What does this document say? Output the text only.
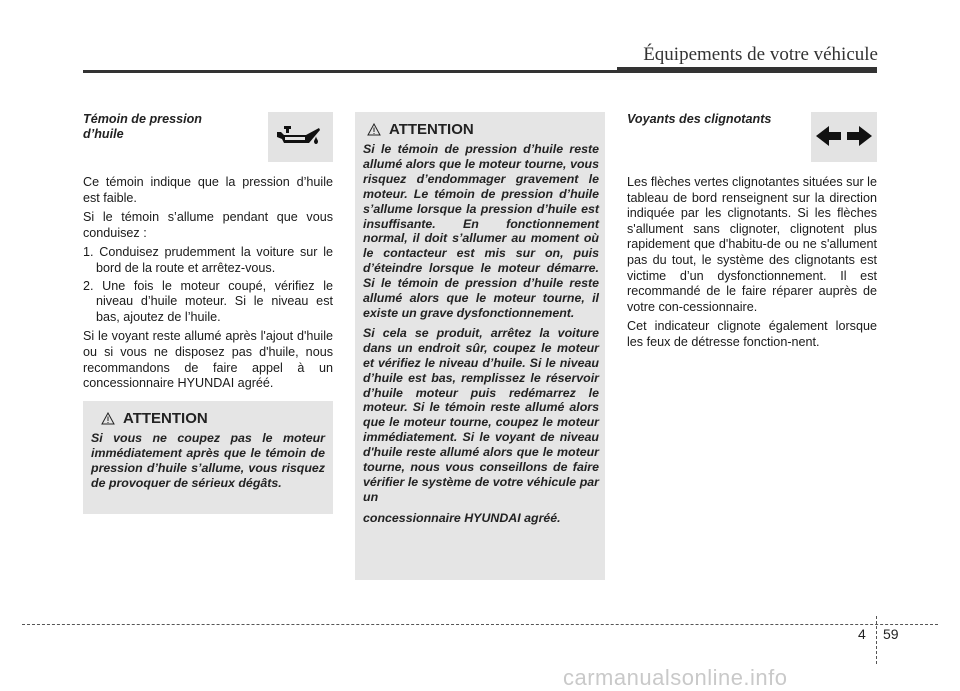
Équipements de votre véhicule
Témoin de pression d’huile

Ce témoin indique que la pression d’huile est faible.

Si le témoin s’allume pendant que vous conduisez :

1. Conduisez prudemment la voiture sur le bord de la route et arrêtez-vous.
2. Une fois le moteur coupé, vérifiez le niveau d’huile moteur. Si le niveau est bas, ajoutez de l’huile.

Si le voyant reste allumé après l'ajout d'huile ou si vous ne disposez pas d'huile, nous recommandons de faire appel à un concessionnaire HYUNDAI agréé.

ATTENTION
Si vous ne coupez pas le moteur immédiatement après que le témoin de pression d’huile s’allume, vous risquez de provoquer de sérieux dégâts.
ATTENTION

Si le témoin de pression d’huile reste allumé alors que le moteur tourne, vous risquez d’endommager gravement le moteur. Le témoin de pression d’huile s’allume lorsque la pression d’huile est insuffisante. En fonctionnement normal, il doit s’allumer au moment où le contacteur est mis sur on, puis d’éteindre lorsque le moteur démarre. Si le témoin de pression d’huile reste allumé alors que le moteur tourne, il existe un grave dysfonctionnement.

Si cela se produit, arrêtez la voiture dans un endroit sûr, coupez le moteur et vérifiez le niveau d’huile. Si le niveau d’huile est bas, remplissez le réservoir d’huile moteur puis redémarrez le moteur. Si le témoin reste allumé alors que le moteur tourne, coupez le moteur immédiatement. Si le voyant de niveau d'huile reste allumé alors que le moteur tourne, nous vous conseillons de faire vérifier le système de votre véhicule par un

concessionnaire HYUNDAI agréé.

Voyants des clignotants

Les flèches vertes clignotantes situées sur le tableau de bord renseignent sur la direction indiquée par les clignotants. Si les flèches s'allument sans clignoter, clignotent plus rapidement que d'habitu-de ou ne s'allument pas du tout, le système des clignotants est victime d’un dysfonctionnement. Il est recommandé de le faire réparer auprès de votre con-cessionnaire.

Cet indicateur clignote également lorsque les feux de détresse fonction-nent.

4 59
carmanualsonline.info
